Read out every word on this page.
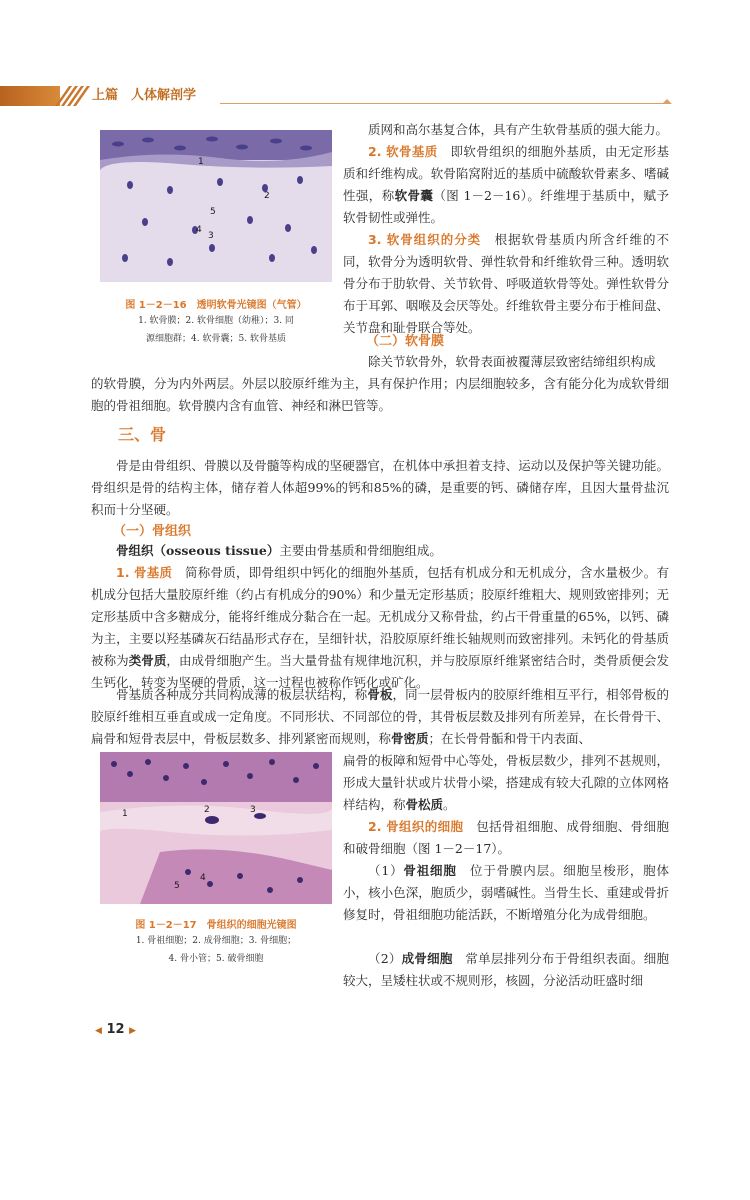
上篇　 人体解剖学
1
2
3
4
5
图 1－2－16　透明软骨光镜图（气管）
1. 软骨膜；2. 软骨细胞（幼稚）；3. 同
源细胞群；4. 软骨囊；5. 软骨基质

质网和高尔基复合体，具有产生软骨基质的强大能力。

2. 软骨基质　 即软骨组织的细胞外基质，由无定形基质和纤维构成。软骨陷窝附近的基质中硫酸软骨素多、嗜碱性强，称软骨囊（图 1－2－16）。纤维埋于基质中，赋予软骨韧性或弹性。

3. 软骨组织的分类　 根据软骨基质内所含纤维的不同，软骨分为透明软骨、弹性软骨和纤维软骨三种。透明软骨分布于肋软骨、关节软骨、呼吸道软骨等处。弹性软骨分布于耳郭、咽喉及会厌等处。纤维软骨主要分布于椎间盘、关节盘和耻骨联合等处。

（二）软骨膜

除关节软骨外，软骨表面被覆薄层致密结缔组织构成

的软骨膜，分为内外两层。外层以胶原纤维为主，具有保护作用；内层细胞较多，含有能分化为成软骨细胞的骨祖细胞。软骨膜内含有血管、神经和淋巴管等。

三、骨

骨是由骨组织、骨膜以及骨髓等构成的坚硬器官，在机体中承担着支持、运动以及保护等关键功能。骨组织是骨的结构主体，储存着人体超99%的钙和85%的磷，是重要的钙、磷储存库，且因大量骨盐沉积而十分坚硬。

（一）骨组织

骨组织（osseous tissue）主要由骨基质和骨细胞组成。

1. 骨基质　 简称骨质，即骨组织中钙化的细胞外基质，包括有机成分和无机成分，含水量极少。有机成分包括大量胶原纤维（约占有机成分的90%）和少量无定形基质；胶原纤维粗大、规则致密排列；无定形基质中含多糖成分，能将纤维成分黏合在一起。无机成分又称骨盐，约占干骨重量的65%，以钙、磷为主，主要以羟基磷灰石结晶形式存在，呈细针状，沿胶原原纤维长轴规则而致密排列。未钙化的骨基质被称为类骨质，由成骨细胞产生。当大量骨盐有规律地沉积，并与胶原原纤维紧密结合时，类骨质便会发生钙化，转变为坚硬的骨质，这一过程也被称作钙化或矿化。

骨基质各种成分共同构成薄的板层状结构，称骨板，同一层骨板内的胶原纤维相互平行，相邻骨板的胶原纤维相互垂直或成一定角度。不同形状、不同部位的骨，其骨板层数及排列有所差异，在长骨骨干、扁骨和短骨表层中，骨板层数多、排列紧密而规则，称骨密质；在长骨骨骺和骨干内表面、

1	2	3
4
5
图 1－2－17　骨组织的细胞光镜图
1. 骨祖细胞；2. 成骨细胞；3. 骨细胞；
4. 骨小管；5. 破骨细胞

扁骨的板障和短骨中心等处，骨板层数少，排列不甚规则，形成大量针状或片状骨小梁，搭建成有较大孔隙的立体网格样结构，称骨松质。

2. 骨组织的细胞　 包括骨祖细胞、成骨细胞、骨细胞和破骨细胞（图 1－2－17）。

（1）骨祖细胞　 位于骨膜内层。细胞呈梭形，胞体小，核小色深，胞质少，弱嗜碱性。当骨生长、重建或骨折修复时，骨祖细胞功能活跃，不断增殖分化为成骨细胞。

（2）成骨细胞　 常单层排列分布于骨组织表面。细胞较大，呈矮柱状或不规则形，核圆，分泌活动旺盛时细

◀ 12 ▶
